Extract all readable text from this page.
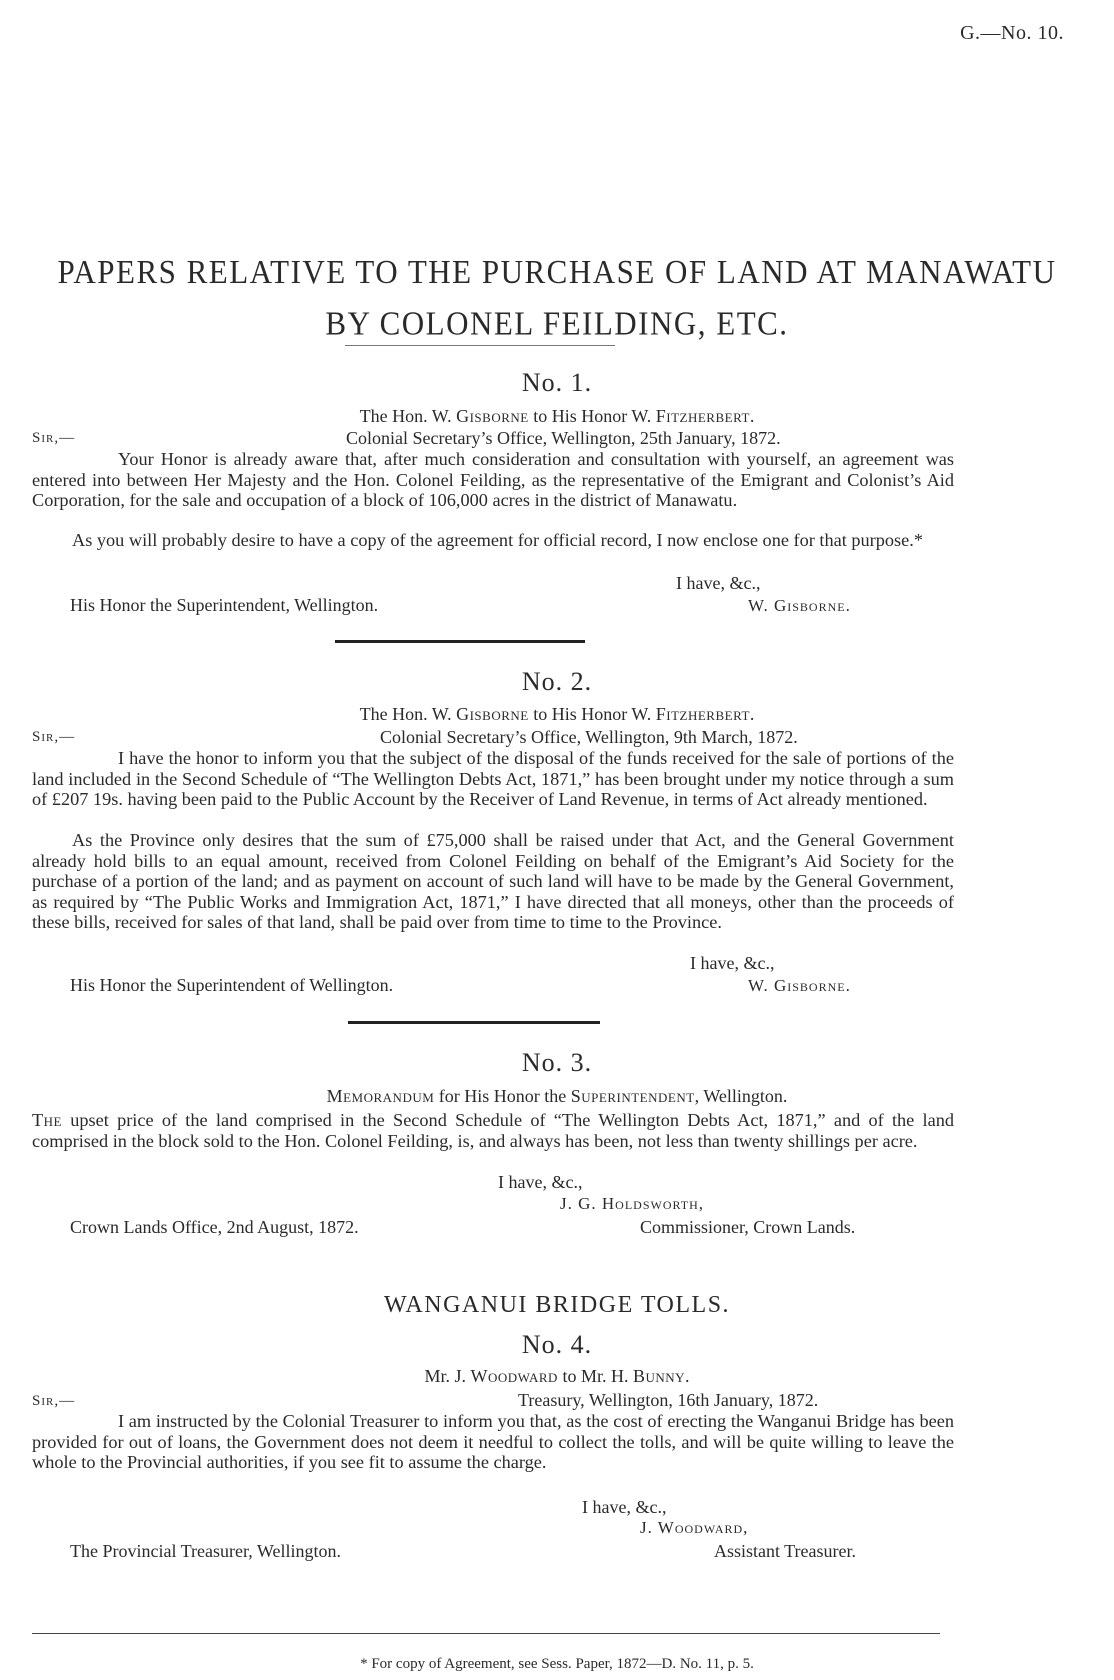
G.—No. 10.
PAPERS RELATIVE TO THE PURCHASE OF LAND AT MANAWATU
BY COLONEL FEILDING, ETC.
No. 1.
The Hon. W. Gisborne to His Honor W. Fitzherbert.
Sir,—	Colonial Secretary’s Office, Wellington, 25th January, 1872.

Your Honor is already aware that, after much consideration and consultation with yourself, an agreement was entered into between Her Majesty and the Hon. Colonel Feilding, as the representative of the Emigrant and Colonist’s Aid Corporation, for the sale and occupation of a block of 106,000 acres in the district of Manawatu.

As you will probably desire to have a copy of the agreement for official record, I now enclose one for that purpose.*

I have, &c.,
His Honor the Superintendent, Wellington.	W. Gisborne.
No. 2.
The Hon. W. Gisborne to His Honor W. Fitzherbert.
Sir,—	Colonial Secretary’s Office, Wellington, 9th March, 1872.

I have the honor to inform you that the subject of the disposal of the funds received for the sale of portions of the land included in the Second Schedule of “The Wellington Debts Act, 1871,” has been brought under my notice through a sum of £207 19s. having been paid to the Public Account by the Receiver of Land Revenue, in terms of Act already mentioned.

As the Province only desires that the sum of £75,000 shall be raised under that Act, and the General Government already hold bills to an equal amount, received from Colonel Feilding on behalf of the Emigrant’s Aid Society for the purchase of a portion of the land; and as payment on account of such land will have to be made by the General Government, as required by “The Public Works and Immigration Act, 1871,” I have directed that all moneys, other than the proceeds of these bills, received for sales of that land, shall be paid over from time to time to the Province.

I have, &c.,
His Honor the Superintendent of Wellington.	W. Gisborne.
No. 3.
Memorandum for His Honor the Superintendent, Wellington.

The upset price of the land comprised in the Second Schedule of “The Wellington Debts Act, 1871,” and of the land comprised in the block sold to the Hon. Colonel Feilding, is, and always has been, not less than twenty shillings per acre.

I have, &c.,
J. G. Holdsworth,
Crown Lands Office, 2nd August, 1872.	Commissioner, Crown Lands.
WANGANUI BRIDGE TOLLS.
No. 4.
Mr. J. Woodward to Mr. H. Bunny.
Sir,—	Treasury, Wellington, 16th January, 1872.

I am instructed by the Colonial Treasurer to inform you that, as the cost of erecting the Wanganui Bridge has been provided for out of loans, the Government does not deem it needful to collect the tolls, and will be quite willing to leave the whole to the Provincial authorities, if you see fit to assume the charge.

I have, &c.,
J. Woodward,
The Provincial Treasurer, Wellington.	Assistant Treasurer.
* For copy of Agreement, see Sess. Paper, 1872—D. No. 11, p. 5.
